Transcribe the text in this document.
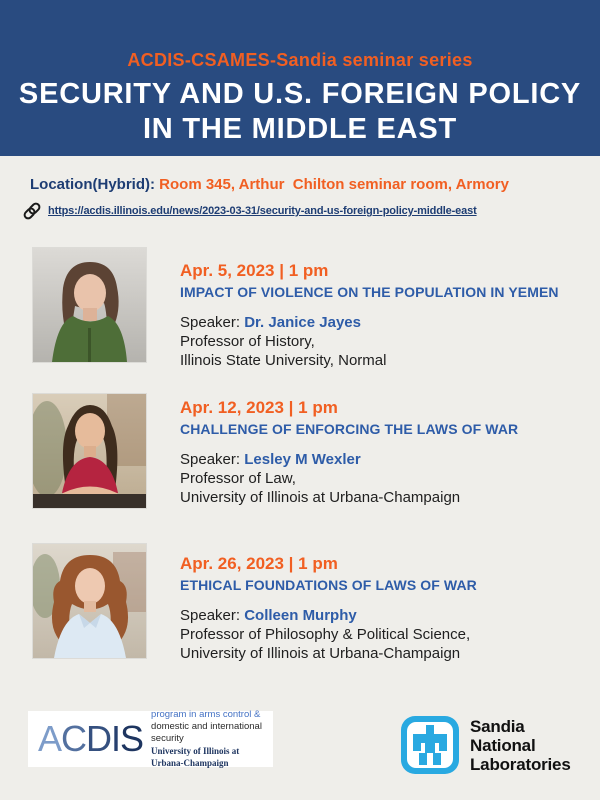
ACDIS-CSAMES-Sandia seminar series
SECURITY AND U.S. FOREIGN POLICY
IN THE MIDDLE EAST
Location(Hybrid): Room 345, Arthur  Chilton seminar room, Armory
https://acdis.illinois.edu/news/2023-03-31/security-and-us-foreign-policy-middle-east
Apr. 5, 2023 | 1 pm
IMPACT OF VIOLENCE ON THE POPULATION IN YEMEN
Speaker: Dr. Janice Jayes
Professor of History,
Illinois State University, Normal
Apr. 12, 2023 | 1 pm
CHALLENGE OF ENFORCING THE LAWS OF WAR
Speaker: Lesley M Wexler
Professor of Law,
University of Illinois at Urbana-Champaign
Apr. 26, 2023 | 1 pm
ETHICAL FOUNDATIONS OF LAWS OF WAR
Speaker: Colleen Murphy
Professor of Philosophy & Political Science,
University of Illinois at Urbana-Champaign
ACDIS
program in arms control &
domestic and international security
University of Illinois at Urbana-Champaign
Sandia
National
Laboratories
